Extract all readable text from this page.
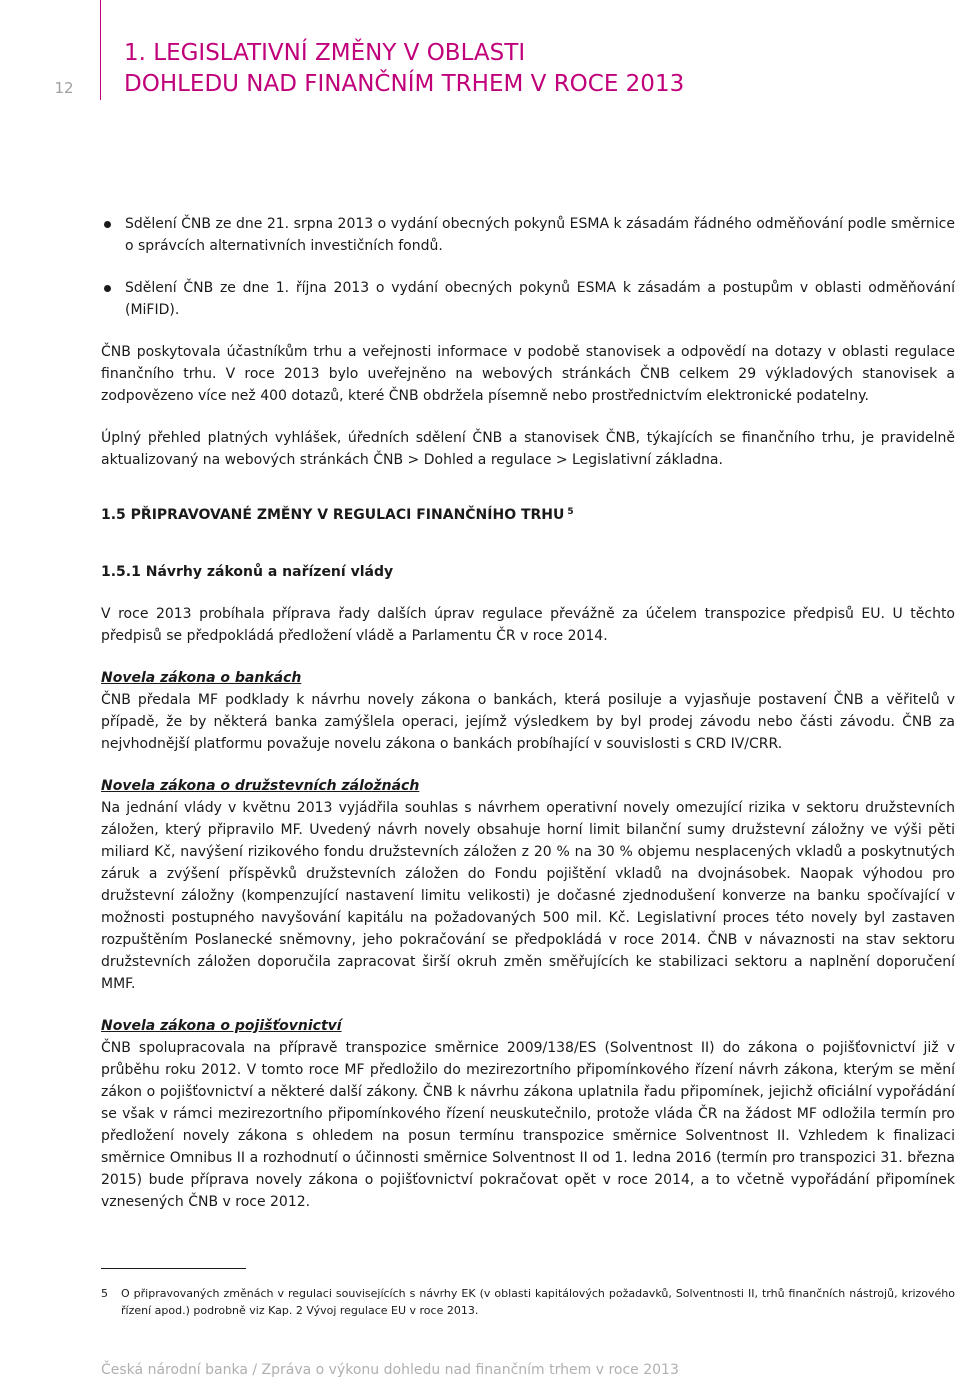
12
1. LEGISLATIVNÍ ZMĚNY V OBLASTI
DOHLEDU NAD FINANČNÍM TRHEM V ROCE 2013
Sdělení ČNB ze dne 21. srpna 2013 o vydání obecných pokynů ESMA k zásadám řádného odměňování podle směrnice o správcích alternativních investičních fondů.
Sdělení ČNB ze dne 1. října 2013 o vydání obecných pokynů ESMA k zásadám a postupům v oblasti odměňování (MiFID).

ČNB poskytovala účastníkům trhu a veřejnosti informace v podobě stanovisek a odpovědí na dotazy v oblasti regulace finančního trhu. V roce 2013 bylo uveřejněno na webových stránkách ČNB celkem 29 výkladových stanovisek a zodpovězeno více než 400 dotazů, které ČNB obdržela písemně nebo prostřednictvím elektronické podatelny.

Úplný přehled platných vyhlášek, úředních sdělení ČNB a stanovisek ČNB, týkajících se finančního trhu, je pravidelně aktualizovaný na webových stránkách ČNB > Dohled a regulace > Legislativní základna.

1.5 PŘIPRAVOVANÉ ZMĚNY V REGULACI FINANČNÍHO TRHU $^5$
1.5.1 Návrhy zákonů a nařízení vlády

V roce 2013 probíhala příprava řady dalších úprav regulace převážně za účelem transpozice předpisů EU. U těchto předpisů se předpokládá předložení vládě a Parlamentu ČR v roce 2014.

Novela zákona o bankách

ČNB předala MF podklady k návrhu novely zákona o bankách, která posiluje a vyjasňuje postavení ČNB a věřitelů v případě, že by některá banka zamýšlela operaci, jejímž výsledkem by byl prodej závodu nebo části závodu. ČNB za nejvhodnější platformu považuje novelu zákona o bankách probíhající v souvislosti s CRD IV/CRR.

Novela zákona o družstevních záložnách

Na jednání vlády v květnu 2013 vyjádřila souhlas s návrhem operativní novely omezující rizika v sektoru družstevních záložen, který připravilo MF. Uvedený návrh novely obsahuje horní limit bilanční sumy družstevní záložny ve výši pěti miliard Kč, navýšení rizikového fondu družstevních záložen z 20 % na 30 % objemu nesplacených vkladů a poskytnutých záruk a zvýšení příspěvků družstevních záložen do Fondu pojištění vkladů na dvojnásobek. Naopak výhodou pro družstevní záložny (kompenzující nastavení limitu velikosti) je dočasné zjednodušení konverze na banku spočívající v možnosti postupného navyšování kapitálu na požadovaných 500 mil. Kč. Legislativní proces této novely byl zastaven rozpuštěním Poslanecké sněmovny, jeho pokračování se předpokládá v roce 2014. ČNB v návaznosti na stav sektoru družstevních záložen doporučila zapracovat širší okruh změn směřujících ke stabilizaci sektoru a naplnění doporučení MMF.

Novela zákona o pojišťovnictví

ČNB spolupracovala na přípravě transpozice směrnice 2009/138/ES (Solventnost II) do zákona o pojišťovnictví již v průběhu roku 2012. V tomto roce MF předložilo do mezirezortního připomínkového řízení návrh zákona, kterým se mění zákon o pojišťovnictví a některé další zákony. ČNB k návrhu zákona uplatnila řadu připomínek, jejichž oficiální vypořádání se však v rámci mezirezortního připomínkového řízení neuskutečnilo, protože vláda ČR na žádost MF odložila termín pro předložení novely zákona s ohledem na posun termínu transpozice směrnice Solventnost II. Vzhledem k finalizaci směrnice Omnibus II a rozhodnutí o účinnosti směrnice Solventnost II od 1. ledna 2016 (termín pro transpozici 31. března 2015) bude příprava novely zákona o pojišťovnictví pokračovat opět v roce 2014, a to včetně vypořádání připomínek vznesených ČNB v roce 2012.

5	O připravovaných změnách v regulaci souvisejících s návrhy EK (v oblasti kapitálových požadavků, Solventnosti II, trhů finančních nástrojů, krizového řízení apod.) podrobně viz Kap. 2 Vývoj regulace EU v roce 2013.
Česká národní banka / Zpráva o výkonu dohledu nad finančním trhem v roce 2013
